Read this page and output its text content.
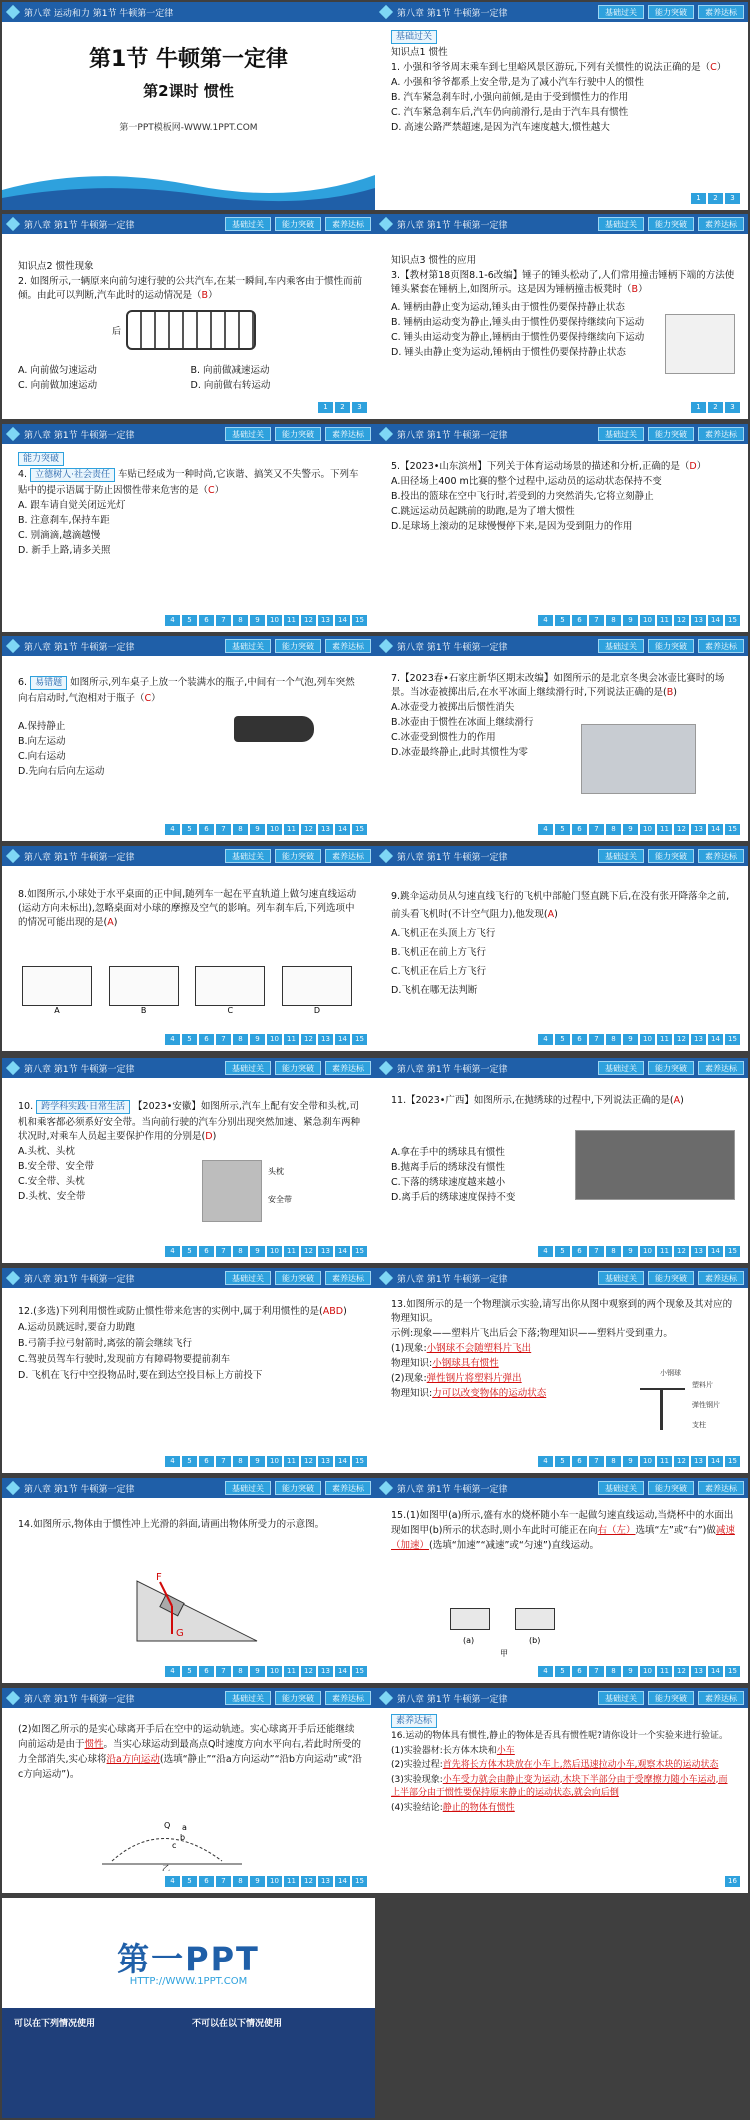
第八章 运动和力 第1节 牛顿第一定律
第1节 牛顿第一定律
第2课时 惯性
第一PPT模板网-WWW.1PPT.COM
第八章 第1节 牛顿第一定律	基础过关	能力突破	素养达标
基础过关

知识点1 惯性

1. 小强和爷爷周末乘车到七里峪风景区游玩,下列有关惯性的说法正确的是（C）

A. 小强和爷爷都系上安全带,是为了减小汽车行驶中人的惯性

B. 汽车紧急刹车时,小强向前倾,是由于受到惯性力的作用

C. 汽车紧急刹车后,汽车仍向前滑行,是由于汽车具有惯性

D. 高速公路严禁超速,是因为汽车速度越大,惯性越大

1	2	3
第八章 第1节 牛顿第一定律	基础过关	能力突破	素养达标

知识点2 惯性现象

2. 如图所示,一辆原来向前匀速行驶的公共汽车,在某一瞬间,车内乘客由于惯性而前倾。由此可以判断,汽车此时的运动情况是（B）

后

A. 向前做匀速运动	B. 向前做减速运动

C. 向前做加速运动	D. 向前做右转运动

1	2	3
第八章 第1节 牛顿第一定律	基础过关	能力突破	素养达标

知识点3 惯性的应用

3.【教材第18页图8.1-6改编】锤子的锤头松动了,人们常用撞击锤柄下端的方法使锤头紧套在锤柄上,如图所示。这是因为锤柄撞击板凳时（B）

A. 锤柄由静止变为运动,锤头由于惯性仍要保持静止状态

B. 锤柄由运动变为静止,锤头由于惯性仍要保持继续向下运动

C. 锤头由运动变为静止,锤柄由于惯性仍要保持继续向下运动

D. 锤头由静止变为运动,锤柄由于惯性仍要保持静止状态

1	2	3
第八章 第1节 牛顿第一定律	基础过关	能力突破	素养达标
能力突破

4. 立德树人·社会责任 车贴已经成为一种时尚,它诙谐、搞笑又不失警示。下列车贴中的提示语属于防止因惯性带来危害的是（C）

A. 跟车请自觉关闭远光灯

B. 注意刹车,保持车距

C. 别滴滴,越滴越慢

D. 新手上路,请多关照

4	5	6	7	8	9	10	11	12	13	14	15
第八章 第1节 牛顿第一定律	基础过关	能力突破	素养达标

5.【2023•山东滨州】下列关于体育运动场景的描述和分析,正确的是（D）

A.田径场上400 m比赛的整个过程中,运动员的运动状态保持不变

B.投出的篮球在空中飞行时,若受到的力突然消失,它将立刻静止

C.跳远运动员起跳前的助跑,是为了增大惯性

D.足球场上滚动的足球慢慢停下来,是因为受到阻力的作用

4	5	6	7	8	9	10	11	12	13	14	15
第八章 第1节 牛顿第一定律	基础过关	能力突破	素养达标

6. 易错题 如图所示,列车桌子上放一个装满水的瓶子,中间有一个气泡,列车突然向右启动时,气泡相对于瓶子（C）

A.保持静止

B.向左运动

C.向右运动

D.先向右后向左运动

4	5	6	7	8	9	10	11	12	13	14	15
第八章 第1节 牛顿第一定律	基础过关	能力突破	素养达标

7.【2023春•石家庄新华区期末改编】如图所示的是北京冬奥会冰壶比赛时的场景。当冰壶被掷出后,在水平冰面上继续滑行时,下列说法正确的是(B)

A.冰壶受力被掷出后惯性消失

B.冰壶由于惯性在冰面上继续滑行

C.冰壶受到惯性力的作用

D.冰壶最终静止,此时其惯性为零

4	5	6	7	8	9	10	11	12	13	14	15
第八章 第1节 牛顿第一定律	基础过关	能力突破	素养达标

8.如图所示,小球处于水平桌面的正中间,随列车一起在平直轨道上做匀速直线运动(运动方向未标出),忽略桌面对小球的摩擦及空气的影响。列车刹车后,下列选项中的情况可能出现的是(A)

A	B	C	D
4	5	6	7	8	9	10	11	12	13	14	15
第八章 第1节 牛顿第一定律	基础过关	能力突破	素养达标

9.跳伞运动员从匀速直线飞行的飞机中部舱门竖直跳下后,在没有张开降落伞之前,前头看飞机时(不计空气阻力),他发现(A)

A.飞机正在头顶上方飞行

B.飞机正在前上方飞行

C.飞机正在后上方飞行

D.飞机在哪无法判断

4	5	6	7	8	9	10	11	12	13	14	15
第八章 第1节 牛顿第一定律	基础过关	能力突破	素养达标

10. 跨学科实践·日常生活 【2023•安徽】如图所示,汽车上配有安全带和头枕,司机和乘客都必须系好安全带。当向前行驶的汽车分别出现突然加速、紧急刹车两种状况时,对乘车人员起主要保护作用的分别是(D)

A.头枕、头枕

B.安全带、安全带

C.安全带、头枕

D.头枕、安全带

头枕
安全带
4	5	6	7	8	9	10	11	12	13	14	15
第八章 第1节 牛顿第一定律	基础过关	能力突破	素养达标

11.【2023•广西】如图所示,在抛绣球的过程中,下列说法正确的是(A)

A.拿在手中的绣球具有惯性

B.抛离手后的绣球没有惯性

C.下落的绣球速度越来越小

D.离手后的绣球速度保持不变

4	5	6	7	8	9	10	11	12	13	14	15
第八章 第1节 牛顿第一定律	基础过关	能力突破	素养达标

12.(多选)下列利用惯性或防止惯性带来危害的实例中,属于利用惯性的是(ABD)

A.运动员跳远时,要奋力助跑

B.弓箭手拉弓射箭时,离弦的箭会继续飞行

C.驾驶员驾车行驶时,发现前方有障碍物要提前刹车

D. 飞机在飞行中空投物品时,要在到达空投目标上方前投下

4	5	6	7	8	9	10	11	12	13	14	15
第八章 第1节 牛顿第一定律	基础过关	能力突破	素养达标

13.如图所示的是一个物理演示实验,请写出你从图中观察到的两个现象及其对应的物理知识。

示例:现象——塑料片飞出后会下落;物理知识——塑料片受到重力。

(1)现象:小钢球不会随塑料片飞出

物理知识:小钢球具有惯性

(2)现象:弹性钢片将塑料片弹出

物理知识:力可以改变物体的运动状态

小钢球
塑料片
弹性钢片
支柱
4	5	6	7	8	9	10	11	12	13	14	15
第八章 第1节 牛顿第一定律	基础过关	能力突破	素养达标

14.如图所示,物体由于惯性冲上光滑的斜面,请画出物体所受力的示意图。

F
G
4	5	6	7	8	9	10	11	12	13	14	15
第八章 第1节 牛顿第一定律	基础过关	能力突破	素养达标

15.(1)如图甲(a)所示,盛有水的烧杯随小车一起做匀速直线运动,当烧杯中的水面出现如图甲(b)所示的状态时,则小车此时可能正在向右（左）选填“左”或“右”)做减速（加速）(选填“加速”“减速”或“匀速”)直线运动。

(a)	(b)
甲
4	5	6	7	8	9	10	11	12	13	14	15
第八章 第1节 牛顿第一定律	基础过关	能力突破	素养达标

(2)如图乙所示的是实心球离开手后在空中的运动轨迹。实心球离开手后还能继续向前运动是由于惯性。当实心球运动到最高点Q时速度方向水平向右,若此时所受的力全部消失,实心球将沿a方向运动(选填“静止”“沿a方向运动”“沿b方向运动”或“沿c方向运动”)。

Q a
b
c
乙
4	5	6	7	8	9	10	11	12	13	14	15
第八章 第1节 牛顿第一定律	基础过关	能力突破	素养达标
素养达标

16.运动的物体具有惯性,静止的物体是否具有惯性呢?请你设计一个实验来进行验证。

(1)实验器材:长方体木块和小车

(2)实验过程:首先将长方体木块放在小车上,然后迅速拉动小车,观察木块的运动状态

(3)实验现象:小车受力就会由静止变为运动,木块下半部分由于受摩擦力随小车运动,而上半部分由于惯性要保持原来静止的运动状态,就会向后倒

(4)实验结论:静止的物体有惯性

16
第一PPT
HTTP://WWW.1PPT.COM
可以在下列情况使用	不可以在以下情况使用
